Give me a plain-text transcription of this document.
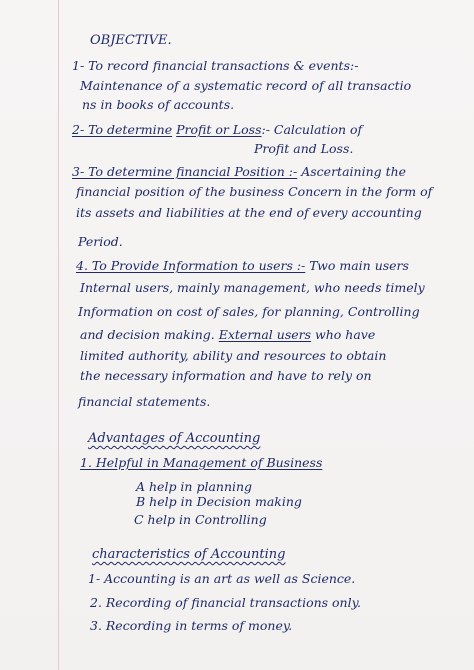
OBJECTIVE.
1- To record financial transactions & events:-
Maintenance of a systematic record of all transactio
ns in books of accounts.
2- To determine Profit or Loss:- Calculation of
Profit and Loss.
3- To determine financial Position :- Ascertaining the
financial position of the business Concern in the form of
its assets and liabilities at the end of every accounting
Period.
4. To Provide Information to users :- Two main users
Internal users, mainly management, who needs timely
Information on cost of sales, for planning, Controlling
and decision making. External users who have
limited authority, ability and resources to obtain
the necessary information and have to rely on
financial statements.
Advantages of Accounting
1. Helpful in Management of Business
A help in planning
B help in Decision making
C help in Controlling
characteristics of Accounting
1- Accounting is an art as well as Science.
2. Recording of financial transactions only.
3. Recording in terms of money.
